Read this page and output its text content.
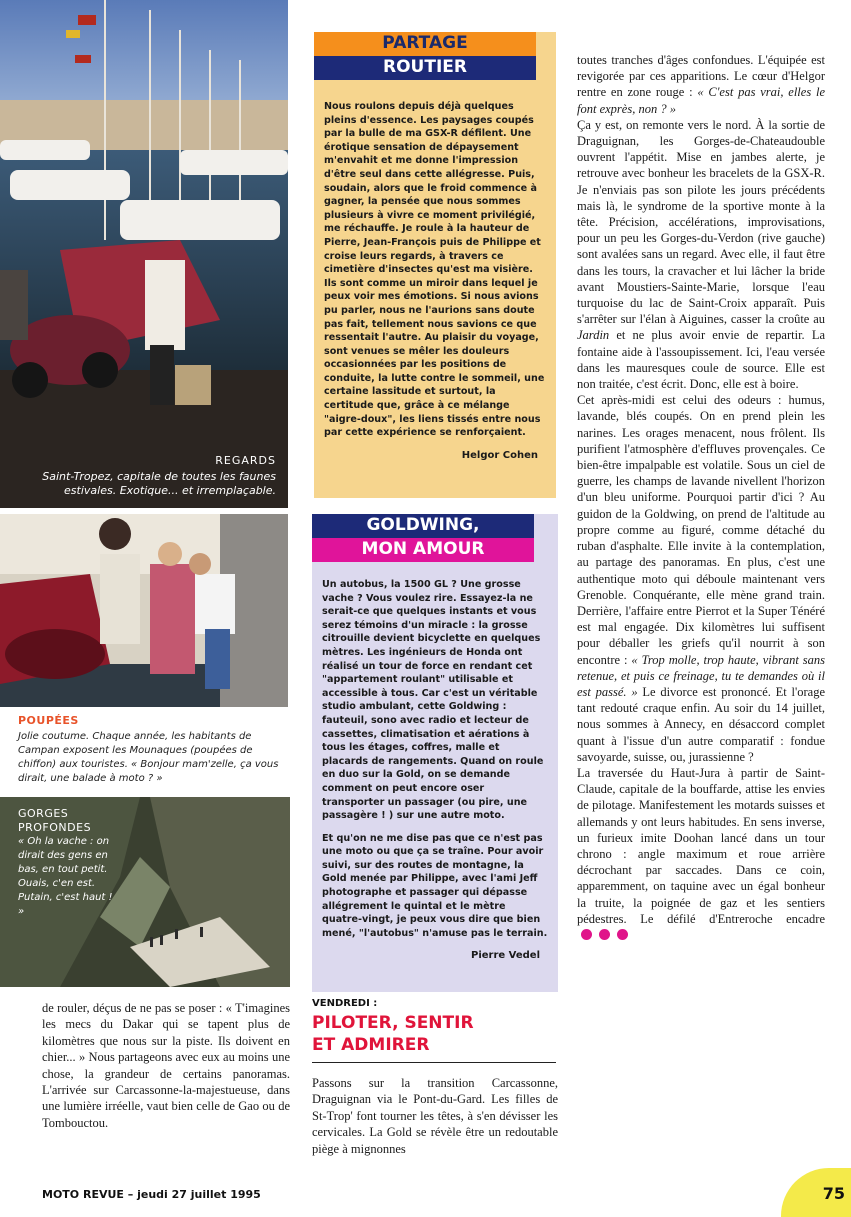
REGARDS
Saint-Tropez, capitale de toutes les faunes estivales. Exotique... et irremplaçable.
POUPÉES
Jolie coutume. Chaque année, les habitants de Campan exposent les Mounaques (poupées de chiffon) aux touristes. « Bonjour mam'zelle, ça vous dirait, une balade à moto ? »
GORGES
PROFONDES
« Oh la vache : on dirait des gens en bas, en tout petit. Ouais, c'en est. Putain, c'est haut ! »

de rouler, déçus de ne pas se poser : « T'imagines les mecs du Dakar qui se tapent plus de kilomètres que nous sur la piste. Ils doivent en chier... » Nous partageons avec eux au moins une chose, la grandeur de certains panoramas. L'arrivée sur Carcassonne-la-majestueuse, dans une lumière irréelle, vaut bien celle de Gao ou de Tombouctou.

PARTAGE
ROUTIER

Nous roulons depuis déjà quelques pleins d'essence. Les paysages coupés par la bulle de ma GSX-R défilent. Une érotique sensation de dépaysement m'envahit et me donne l'impression d'être seul dans cette allégresse. Puis, soudain, alors que le froid commence à gagner, la pensée que nous sommes plusieurs à vivre ce moment privilégié, me réchauffe. Je roule à la hauteur de Pierre, Jean-François puis de Philippe et croise leurs regards, à travers ce cimetière d'insectes qu'est ma visière. Ils sont comme un miroir dans lequel je peux voir mes émotions. Si nous avions pu parler, nous ne l'aurions sans doute pas fait, tellement nous savions ce que ressentait l'autre. Au plaisir du voyage, sont venues se mêler les douleurs occasionnées par les positions de conduite, la lutte contre le sommeil, une certaine lassitude et surtout, la certitude que, grâce à ce mélange "aigre-doux", les liens tissés entre nous par cette expérience se renforçaient.

Helgor Cohen
GOLDWING,
MON AMOUR

Un autobus, la 1500 GL ? Une grosse vache ? Vous voulez rire. Essayez-la ne serait-ce que quelques instants et vous serez témoins d'un miracle : la grosse citrouille devient bicyclette en quelques mètres. Les ingénieurs de Honda ont réalisé un tour de force en rendant cet "appartement roulant" utilisable et accessible à tous. Car c'est un véritable studio ambulant, cette Goldwing : fauteuil, sono avec radio et lecteur de cassettes, climatisation et aérations à tous les étages, coffres, malle et placards de rangements. Quand on roule en duo sur la Gold, on se demande comment on peut encore oser transporter un passager (ou pire, une passagère ! ) sur une autre moto.

Et qu'on ne me dise pas que ce n'est pas une moto ou que ça se traîne. Pour avoir suivi, sur des routes de montagne, la Gold menée par Philippe, avec l'ami Jeff photographe et passager qui dépasse allégrement le quintal et le mètre quatre-vingt, je peux vous dire que bien mené, "l'autobus" n'amuse pas le terrain.

Pierre Vedel
VENDREDI :
PILOTER, SENTIR
ET ADMIRER

Passons sur la transition Carcassonne, Draguignan via le Pont-du-Gard. Les filles de St-Trop' font tourner les têtes, à s'en dévisser les cervicales. La Gold se révèle être un redoutable piège à mignonnes

toutes tranches d'âges confondues. L'équipée est revigorée par ces apparitions. Le cœur d'Helgor rentre en zone rouge : « C'est pas vrai, elles le font exprès, non ? »

Ça y est, on remonte vers le nord. À la sortie de Draguignan, les Gorges-de-Chateaudouble ouvrent l'appétit. Mise en jambes alerte, je retrouve avec bonheur les bracelets de la GSX-R. Je n'enviais pas son pilote les jours précédents mais là, le syndrome de la sportive monte à la tête. Précision, accélérations, improvisations, pour un peu les Gorges-du-Verdon (rive gauche) sont avalées sans un regard. Avec elle, il faut être dans les tours, la cravacher et lui lâcher la bride avant Moustiers-Sainte-Marie, lorsque l'eau turquoise du lac de Saint-Croix apparaît. Puis s'arrêter sur l'élan à Aiguines, casser la croûte au Jardin et ne plus avoir envie de repartir. La fontaine aide à l'assoupissement. Ici, l'eau versée dans les mauresques coule de source. Elle est non traitée, c'est écrit. Donc, elle est à boire.

Cet après-midi est celui des odeurs : humus, lavande, blés coupés. On en prend plein les narines. Les orages menacent, nous frôlent. Ils purifient l'atmosphère d'effluves provençales. Ce bien-être impalpable est volatile. Sous un ciel de guerre, les champs de lavande nivellent l'horizon d'un bleu uniforme. Pourquoi partir d'ici ? Au guidon de la Goldwing, on prend de l'altitude au propre comme au figuré, comme détaché du ruban d'asphalte. Elle invite à la contemplation, au partage des panoramas. En plus, c'est une authentique moto qui déboule maintenant vers Grenoble. Conquérante, elle mène grand train. Derrière, l'affaire entre Pierrot et la Super Ténéré est mal engagée. Dix kilomètres lui suffisent pour déballer les griefs qu'il nourrit à son encontre : « Trop molle, trop haute, vibrant sans retenue, et puis ce freinage, tu te demandes où il est passé. » Le divorce est prononcé. Et l'orage tant redouté craque enfin. Au soir du 14 juillet, nous sommes à Annecy, en désaccord complet quant à l'issue d'un autre comparatif : fondue savoyarde, suisse, ou, jurassienne ?

La traversée du Haut-Jura à partir de Saint-Claude, capitale de la bouffarde, attise les envies de pilotage. Manifestement les motards suisses et allemands y ont leurs habitudes. En sens inverse, un furieux imite Doohan lancé dans un tour chrono : angle maximum et roue arrière décrochant par saccades. Dans ce coin, apparemment, on taquine avec un égal bonheur la truite, la poignée de gaz et les sentiers pédestres. Le défilé d'Entreroche encadre

MOTO REVUE – jeudi 27 juillet 1995	75
